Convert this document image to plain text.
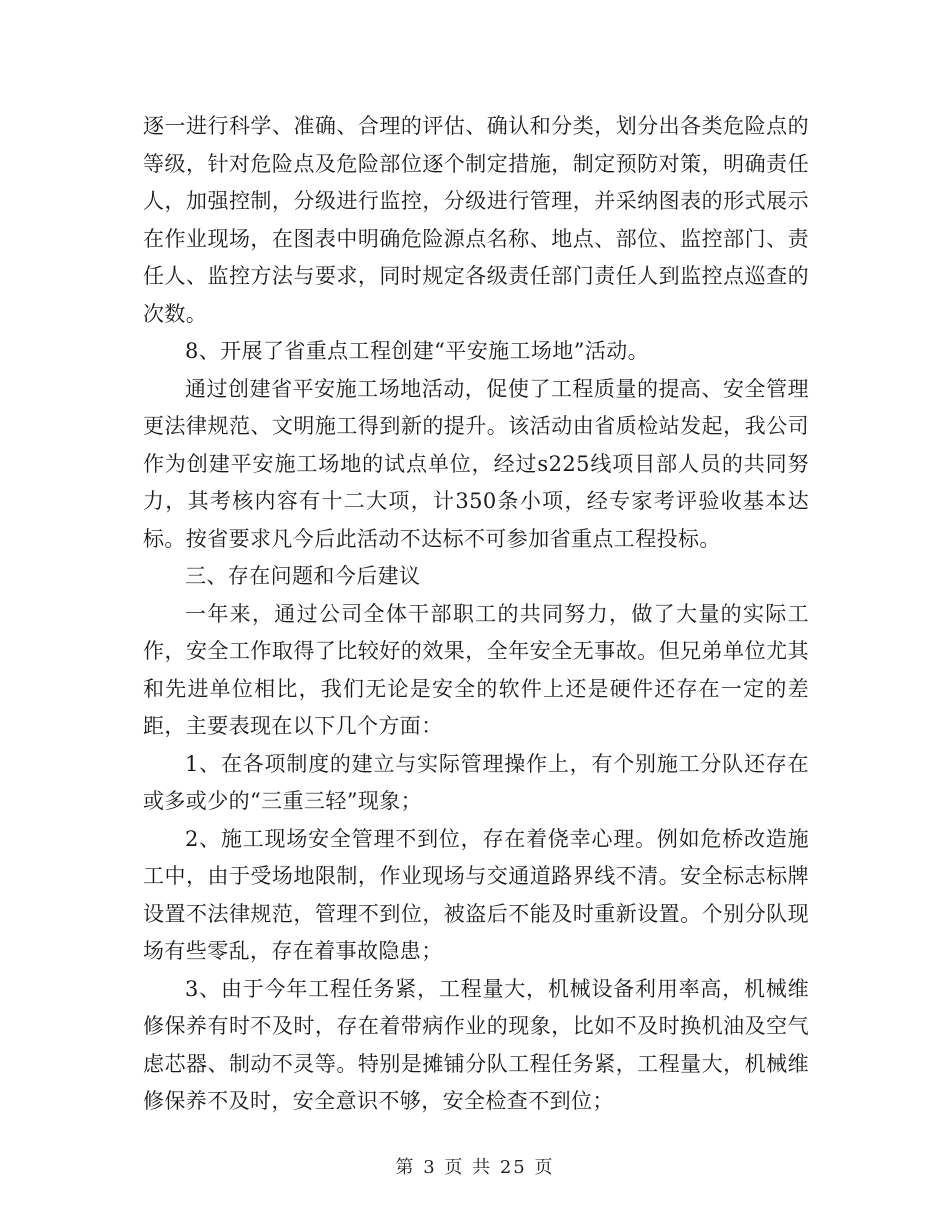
逐一进行科学、准确、合理的评估、确认和分类，划分出各类危险点的等级，针对危险点及危险部位逐个制定措施，制定预防对策，明确责任人，加强控制，分级进行监控，分级进行管理，并采纳图表的形式展示在作业现场，在图表中明确危险源点名称、地点、部位、监控部门、责任人、监控方法与要求，同时规定各级责任部门责任人到监控点巡查的次数。

8、开展了省重点工程创建“平安施工场地”活动。

通过创建省平安施工场地活动，促使了工程质量的提高、安全管理更法律规范、文明施工得到新的提升。该活动由省质检站发起，我公司作为创建平安施工场地的试点单位，经过s225线项目部人员的共同努力，其考核内容有十二大项，计350条小项，经专家考评验收基本达标。按省要求凡今后此活动不达标不可参加省重点工程投标。

三、存在问题和今后建议

一年来，通过公司全体干部职工的共同努力，做了大量的实际工作，安全工作取得了比较好的效果，全年安全无事故。但兄弟单位尤其和先进单位相比，我们无论是安全的软件上还是硬件还存在一定的差距，主要表现在以下几个方面：

1、在各项制度的建立与实际管理操作上，有个别施工分队还存在或多或少的“三重三轻”现象；

2、施工现场安全管理不到位，存在着侥幸心理。例如危桥改造施工中，由于受场地限制，作业现场与交通道路界线不清。安全标志标牌设置不法律规范，管理不到位，被盗后不能及时重新设置。个别分队现场有些零乱，存在着事故隐患；

3、由于今年工程任务紧，工程量大，机械设备利用率高，机械维修保养有时不及时，存在着带病作业的现象，比如不及时换机油及空气虑芯器、制动不灵等。特别是摊铺分队工程任务紧，工程量大，机械维修保养不及时，安全意识不够，安全检查不到位；

第 3 页 共 25 页
